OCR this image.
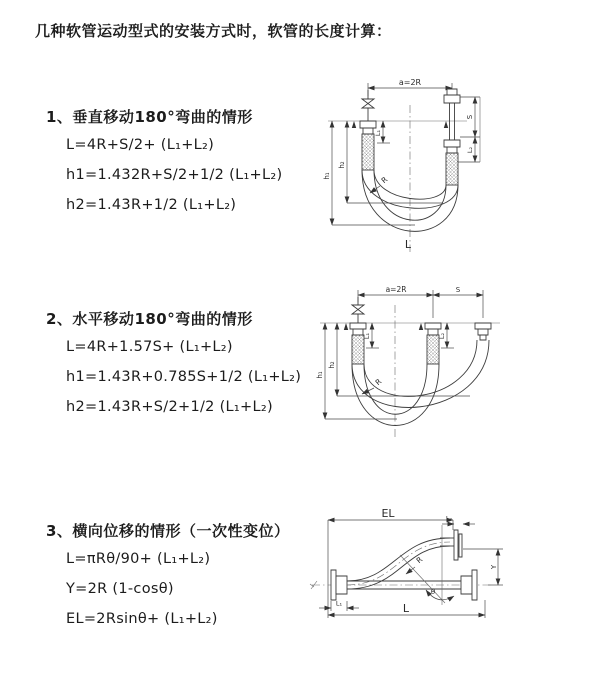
几种软管运动型式的安装方式时，软管的长度计算：
1、垂直移动180°弯曲的情形
L=4R+S/2+ (L₁+L₂)
h1=1.432R+S/2+1/2 (L₁+L₂)
h2=1.43R+1/2 (L₁+L₂)
2、水平移动180°弯曲的情形
L=4R+1.57S+ (L₁+L₂)
h1=1.43R+0.785S+1/2 (L₁+L₂)
h2=1.43R+S/2+1/2 (L₁+L₂)
3、横向位移的情形（一次性变位）
L=πRθ/90+ (L₁+L₂)
Y=2R (1-cosθ)
EL=2Rsinθ+ (L₁+L₂)
a=2R
L₁
S
L₂
h₁
h₂
R
L
a=2R	S
L₁	L₂
h₁
h₂
R
EL	L₂
Y
θ
R
L
L₁
